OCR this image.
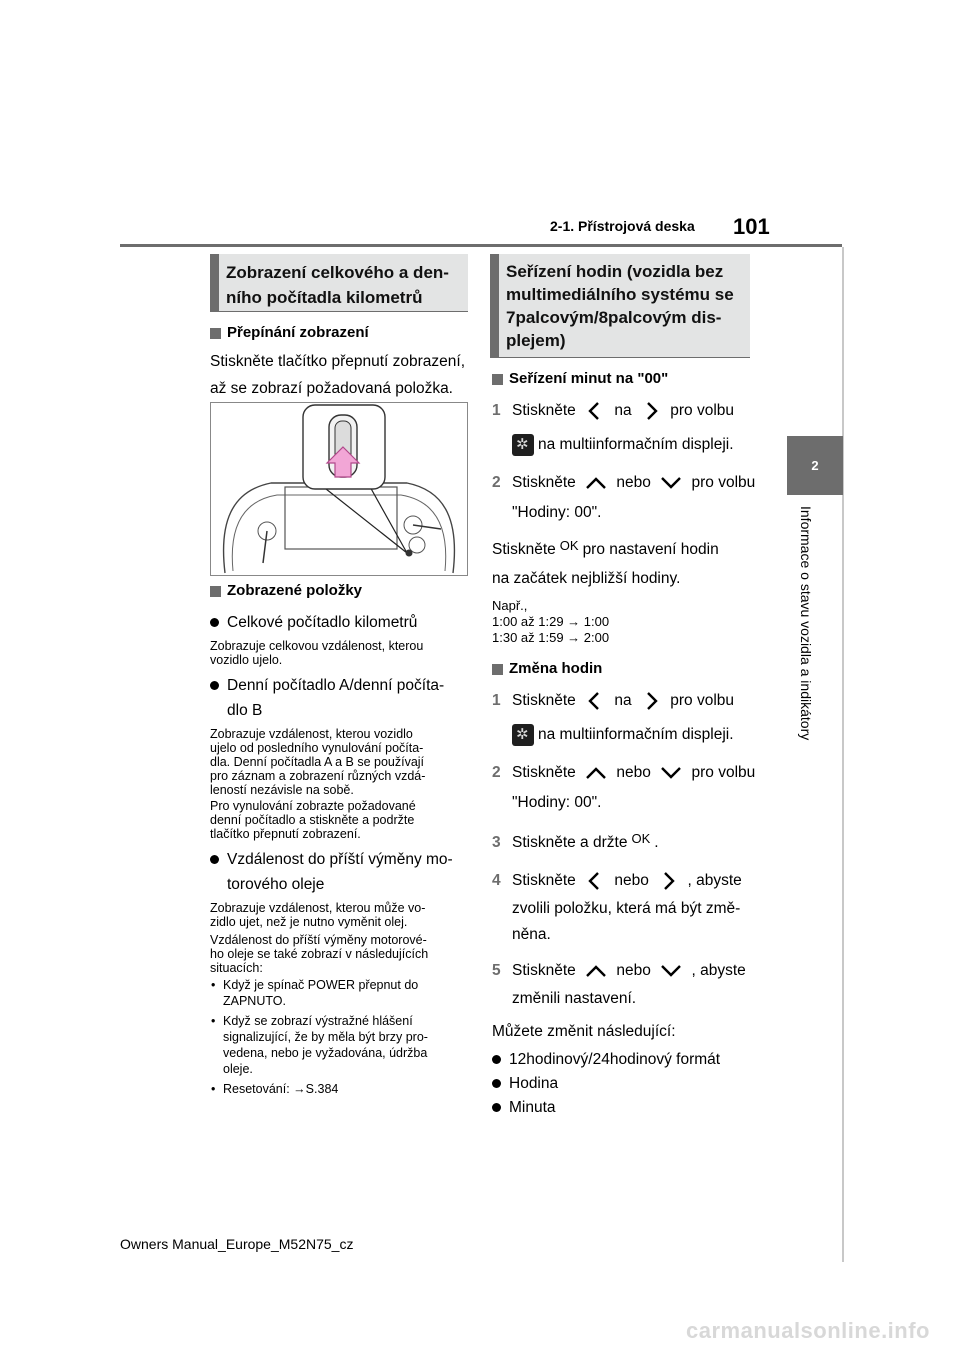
2-1. Přístrojová deska 101
2
Informace o stavu vozidla a indikátory
Zobrazení celkového a den-
ního počítadla kilometrů
Přepínání zobrazení
Stiskněte tlačítko přepnutí zobrazení,
až se zobrazí požadovaná položka.
Zobrazené položky
Celkové počítadlo kilometrů
Zobrazuje celkovou vzdálenost, kterou
vozidlo ujelo.
Denní počítadlo A/denní počíta-
dlo B
Zobrazuje vzdálenost, kterou vozidlo
ujelo od posledního vynulování počíta-
dla. Denní počítadla A a B se používají
pro záznam a zobrazení různých vzdá-
leností nezávisle na sobě.
Pro vynulování zobrazte požadované
denní počítadlo a stiskněte a podržte
tlačítko přepnutí zobrazení.
Vzdálenost do příští výměny mo-
torového oleje
Zobrazuje vzdálenost, kterou může vo-
zidlo ujet, než je nutno vyměnit olej.
Vzdálenost do příští výměny motorové-
ho oleje se také zobrazí v následujících
situacích:
• Když je spínač POWER přepnut do
ZAPNUTO.
• Když se zobrazí výstražné hlášení
signalizující, že by měla být brzy pro-
vedena, nebo je vyžadována, údržba
oleje.
• Resetování: →S.384
Seřízení hodin (vozidla bez
multimediálního systému se
7palcovým/8palcovým dis-
plejem)
Seřízení minut na "00"
1 Stiskněte na pro volbu
✲ na multiinformačním displeji.
2 Stiskněte	nebo	pro volbu
"Hodiny: 00".
Stiskněte OK pro nastavení hodin
na začátek nejbližší hodiny.
Např.,
1:00 až 1:29 → 1:00
1:30 až 1:59 → 2:00
Změna hodin
1 Stiskněte na pro volbu
✲ na multiinformačním displeji.
2 Stiskněte	nebo	pro volbu
"Hodiny: 00".
3 Stiskněte a držte OK .
4 Stiskněte nebo , abyste
zvolili položku, která má být změ-
něna.
5 Stiskněte	nebo	, abyste
změnili nastavení.
Můžete změnit následující:
12hodinový/24hodinový formát
Hodina
Minuta
Owners Manual_Europe_M52N75_cz
carmanualsonline.info
